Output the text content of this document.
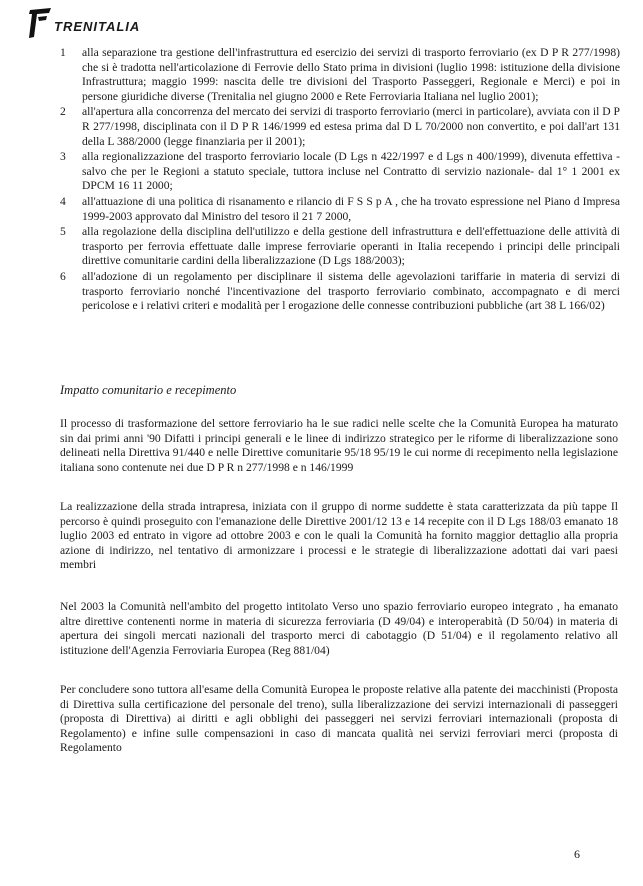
TRENITALIA
1 alla separazione tra gestione dell'infrastruttura ed esercizio dei servizi di trasporto ferroviario (ex D P R 277/1998) che si è tradotta nell'articolazione di Ferrovie dello Stato prima in divisioni (luglio 1998: istituzione della divisione Infrastruttura; maggio 1999: nascita delle tre divisioni del Trasporto Passeggeri, Regionale e Merci) e poi in persone giuridiche diverse (Trenitalia nel giugno 2000 e Rete Ferroviaria Italiana nel luglio 2001);
2 all'apertura alla concorrenza del mercato dei servizi di trasporto ferroviario (merci in particolare), avviata con il D P R 277/1998, disciplinata con il D P R 146/1999 ed estesa prima dal D L 70/2000 non convertito, e poi dall'art 131 della L 388/2000 (legge finanziaria per il 2001);
3 alla regionalizzazione del trasporto ferroviario locale (D Lgs n 422/1997 e d Lgs n 400/1999), divenuta effettiva -salvo che per le Regioni a statuto speciale, tuttora incluse nel Contratto di servizio nazionale- dal 1° 1 2001 ex DPCM 16 11 2000;
4 all'attuazione di una politica di risanamento e rilancio di F S S p A , che ha trovato espressione nel Piano d Impresa 1999-2003 approvato dal Ministro del tesoro il 21 7 2000,
5 alla regolazione della disciplina dell'utilizzo e della gestione dell infrastruttura e dell'effettuazione delle attività di trasporto per ferrovia effettuate dalle imprese ferroviarie operanti in Italia recependo i principi delle principali direttive comunitarie cardini della liberalizzazione (D Lgs 188/2003);
6 all'adozione di un regolamento per disciplinare il sistema delle agevolazioni tariffarie in materia di servizi di trasporto ferroviario nonché l'incentivazione del trasporto ferroviario combinato, accompagnato e di merci pericolose e i relativi criteri e modalità per l erogazione delle connesse contribuzioni pubbliche (art 38 L 166/02)
Impatto comunitario e recepimento

Il processo di trasformazione del settore ferroviario ha le sue radici nelle scelte che la Comunità Europea ha maturato sin dai primi anni '90 Difatti i principi generali e le linee di indirizzo strategico per le riforme di liberalizzazione sono delineati nella Direttiva 91/440 e nelle Direttive comunitarie 95/18 95/19 le cui norme di recepimento nella legislazione italiana sono contenute nei due D P R n 277/1998 e n 146/1999

La realizzazione della strada intrapresa, iniziata con il gruppo di norme suddette è stata caratterizzata da più tappe Il percorso è quindi proseguito con l'emanazione delle Direttive 2001/12 13 e 14 recepite con il D Lgs 188/03 emanato 18 luglio 2003 ed entrato in vigore ad ottobre 2003 e con le quali la Comunità ha fornito maggior dettaglio alla propria azione di indirizzo, nel tentativo di armonizzare i processi e le strategie di liberalizzazione adottati dai vari paesi membri

Nel 2003 la Comunità nell'ambito del progetto intitolato Verso uno spazio ferroviario europeo integrato , ha emanato altre direttive contenenti norme in materia di sicurezza ferroviaria (D 49/04) e interoperabità (D 50/04) in materia di apertura dei singoli mercati nazionali del trasporto merci di cabotaggio (D 51/04) e il regolamento relativo all istituzione dell'Agenzia Ferroviaria Europea (Reg 881/04)

Per concludere sono tuttora all'esame della Comunità Europea le proposte relative alla patente dei macchinisti (Proposta di Direttiva sulla certificazione del personale del treno), sulla liberalizzazione dei servizi internazionali di passeggeri (proposta di Direttiva) ai diritti e agli obblighi dei passeggeri nei servizi ferroviari internazionali (proposta di Regolamento) e infine sulle compensazioni in caso di mancata qualità nei servizi ferroviari merci (proposta di Regolamento

6
